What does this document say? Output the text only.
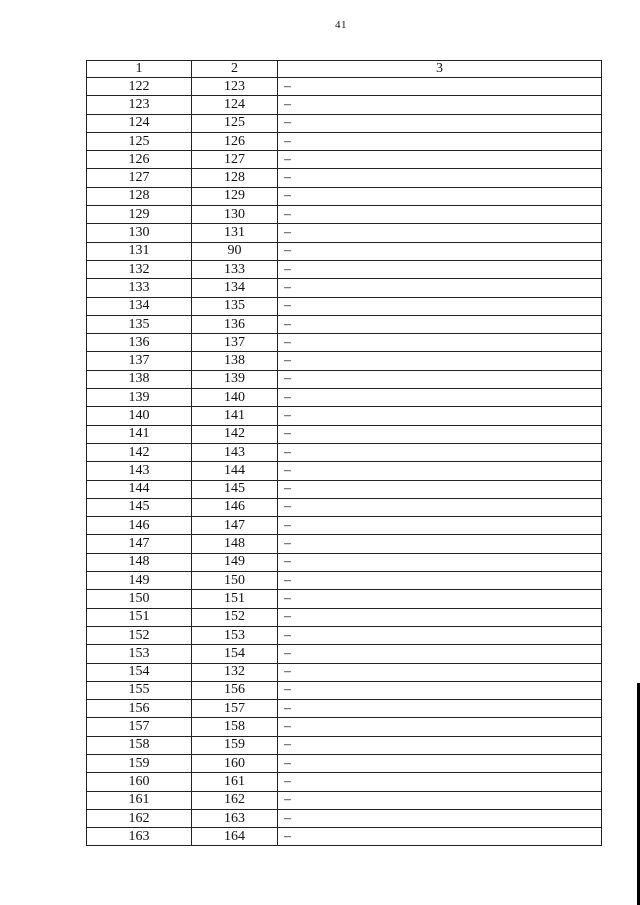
41
1	2	3
122	123	–
123	124	–
124	125	–
125	126	–
126	127	–
127	128	–
128	129	–
129	130	–
130	131	–
131	90	–
132	133	–
133	134	–
134	135	–
135	136	–
136	137	–
137	138	–
138	139	–
139	140	–
140	141	–
141	142	–
142	143	–
143	144	–
144	145	–
145	146	–
146	147	–
147	148	–
148	149	–
149	150	–
150	151	–
151	152	–
152	153	–
153	154	–
154	132	–
155	156	–
156	157	–
157	158	–
158	159	–
159	160	–
160	161	–
161	162	–
162	163	–
163	164	–
